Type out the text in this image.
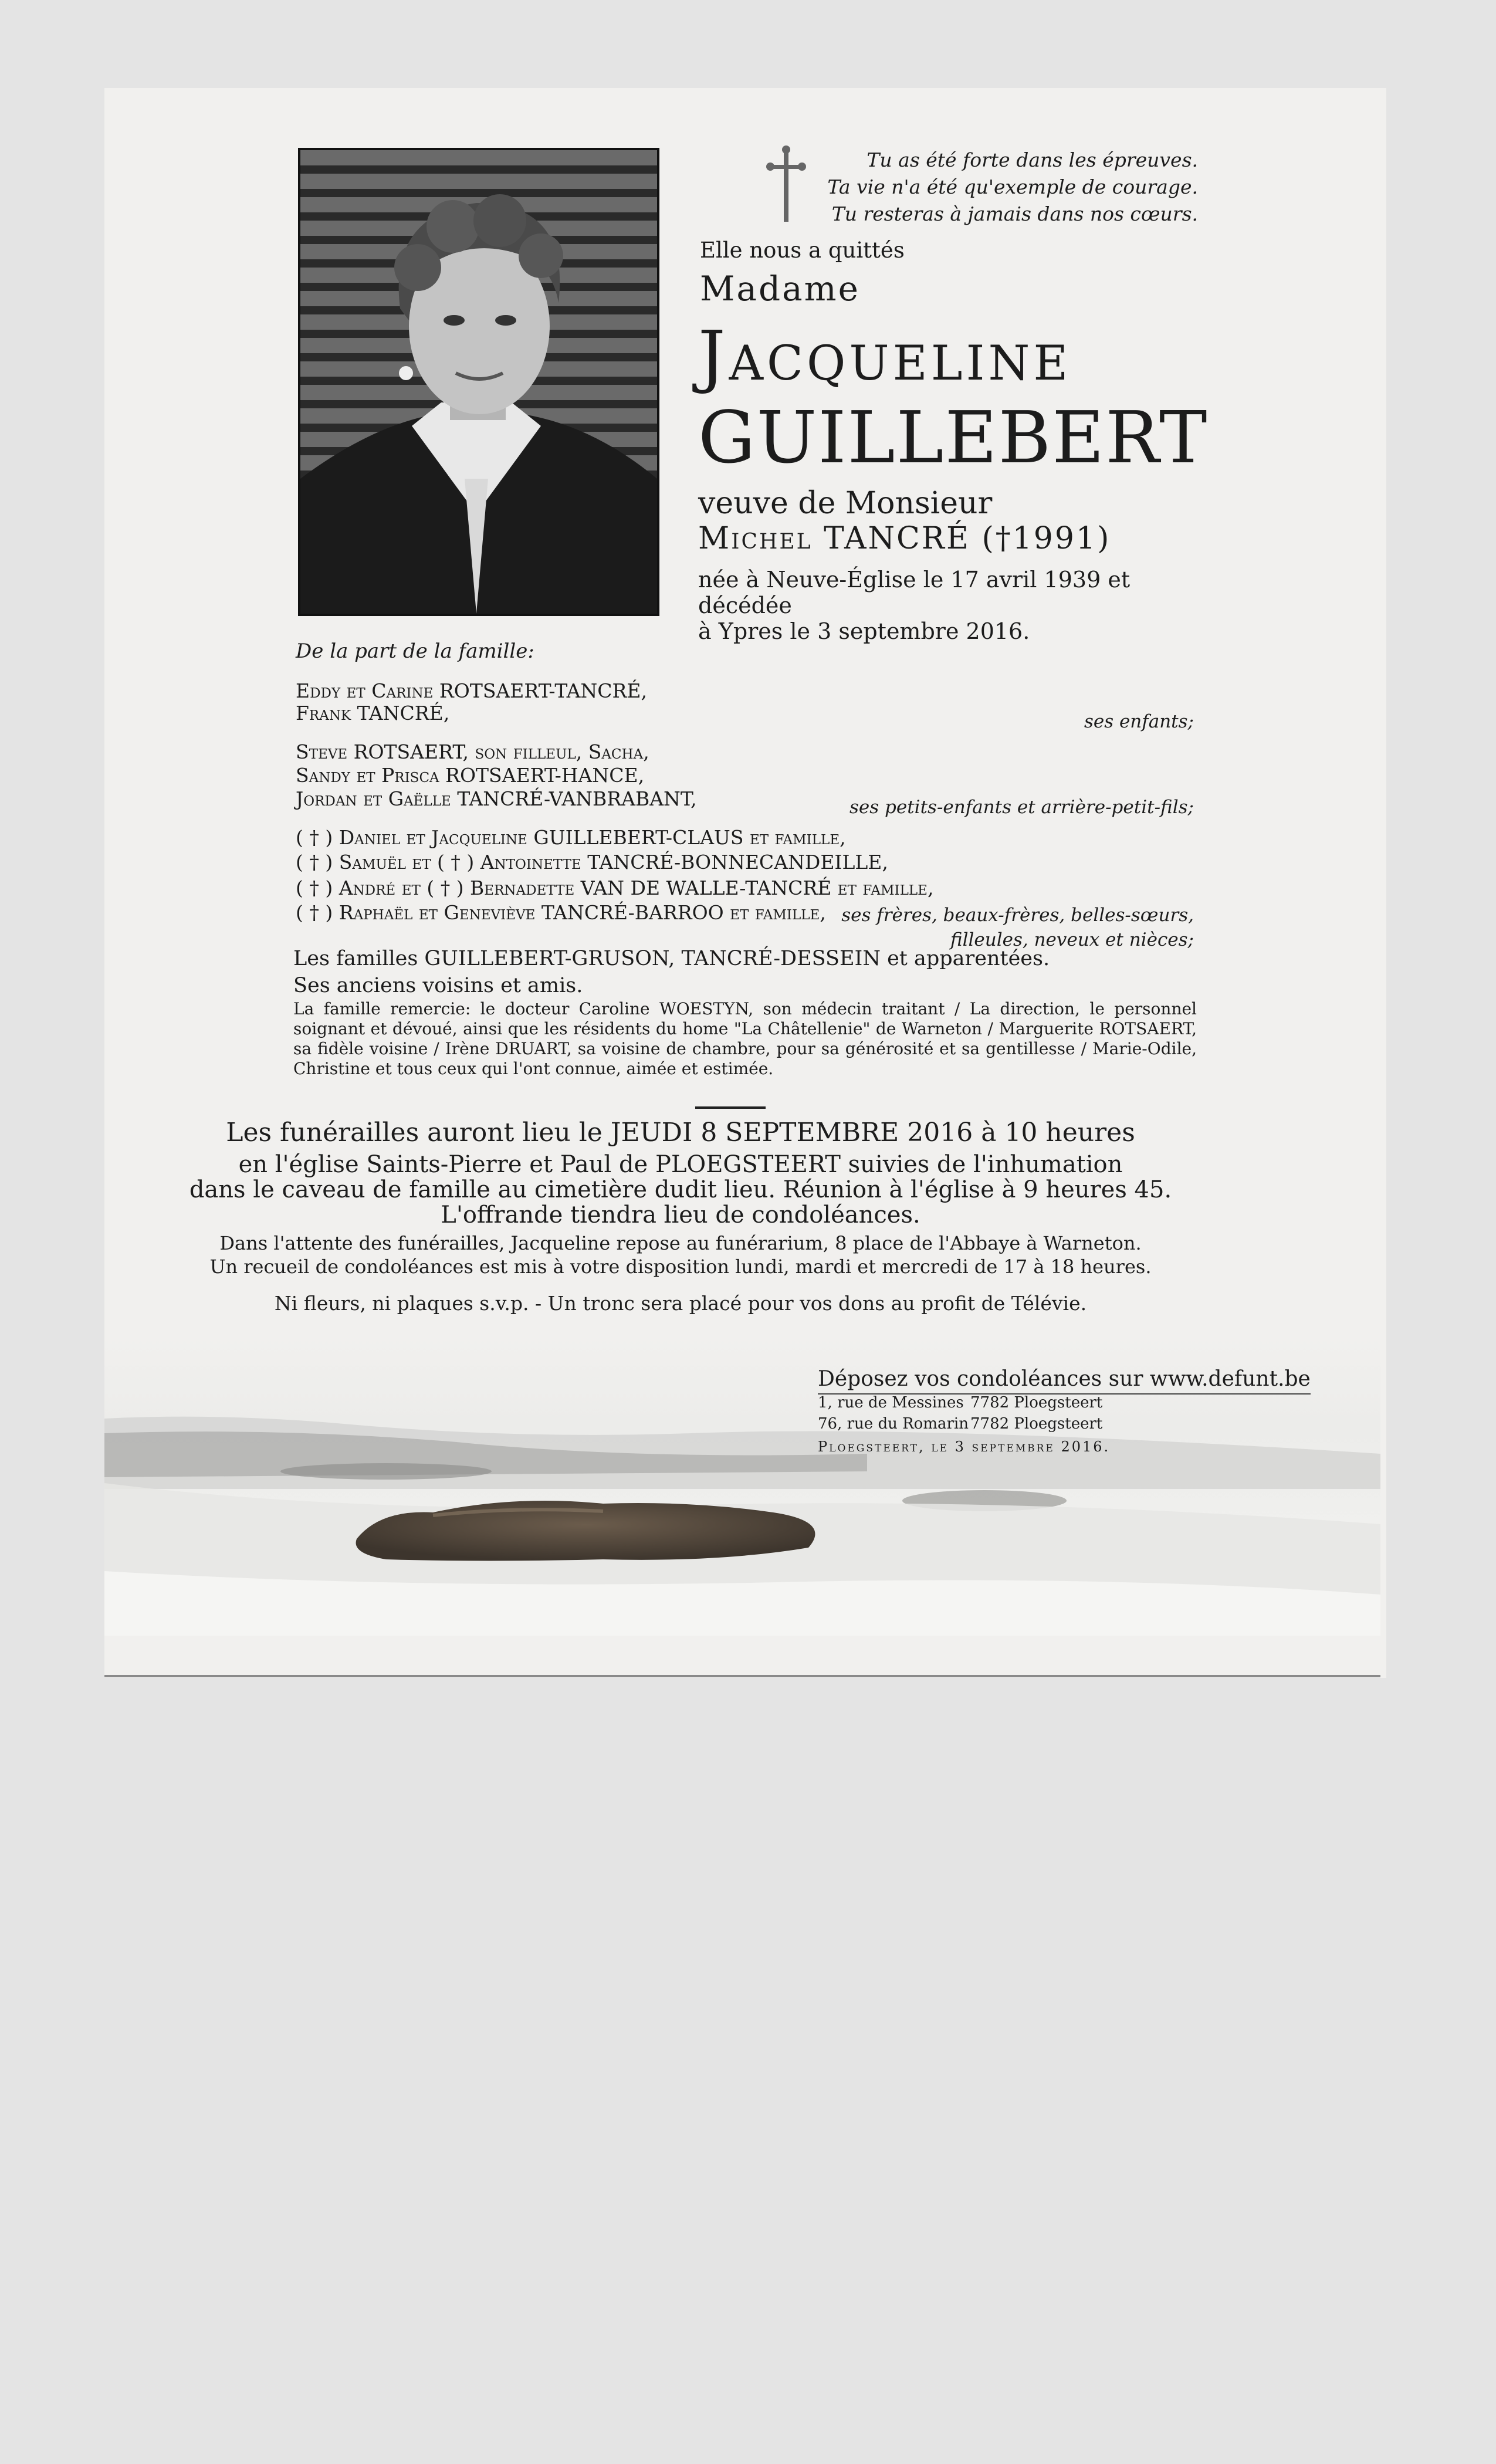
Tu as été forte dans les épreuves.
Ta vie n'a été qu'exemple de courage.
Tu resteras à jamais dans nos cœurs.
Elle nous a quittés
Madame
Jacqueline
GUILLEBERT
veuve de Monsieur
Michel TANCRÉ (†1991)
née à Neuve-Église le 17 avril 1939 et décédée
à Ypres le 3 septembre 2016.
De la part de la famille:
Eddy et Carine ROTSAERT-TANCRÉ,
Frank TANCRÉ,	ses enfants;
Steve ROTSAERT, son filleul, Sacha,
Sandy et Prisca ROTSAERT-HANCE,
Jordan et Gaëlle TANCRÉ-VANBRABANT,	ses petits-enfants et arrière-petit-fils;
( † ) Daniel et Jacqueline GUILLEBERT-CLAUS et famille,
( † ) Samuël et ( † ) Antoinette TANCRÉ-BONNECANDEILLE,
( † ) André et ( † ) Bernadette VAN DE WALLE-TANCRÉ et famille,
( † ) Raphaël et Geneviève TANCRÉ-BARROO et famille, ses frères, beaux-frères, belles-sœurs,
filleules, neveux et nièces;
Les familles GUILLEBERT-GRUSON, TANCRÉ-DESSEIN et apparentées.
Ses anciens voisins et amis.
La famille remercie: le docteur Caroline WOESTYN, son médecin traitant / La direction, le personnel soignant et dévoué, ainsi que les résidents du home "La Châtellenie" de Warneton / Marguerite ROTSAERT, sa fidèle voisine / Irène DRUART, sa voisine de chambre, pour sa générosité et sa gentillesse / Marie-Odile, Christine et tous ceux qui l'ont connue, aimée et estimée.
Les funérailles auront lieu le JEUDI 8 SEPTEMBRE 2016 à 10 heures
en l'église Saints-Pierre et Paul de PLOEGSTEERT suivies de l'inhumation
dans le caveau de famille au cimetière dudit lieu. Réunion à l'église à 9 heures 45.
L'offrande tiendra lieu de condoléances.
Dans l'attente des funérailles, Jacqueline repose au funérarium, 8 place de l'Abbaye à Warneton.
Un recueil de condoléances est mis à votre disposition lundi, mardi et mercredi de 17 à 18 heures.
Ni fleurs, ni plaques s.v.p. - Un tronc sera placé pour vos dons au profit de Télévie.
Déposez vos condoléances sur www.defunt.be
1, rue de Messines 7782 Ploegsteert
76, rue du Romarin 7782 Ploegsteert
Ploegsteert, le 3 septembre 2016.
